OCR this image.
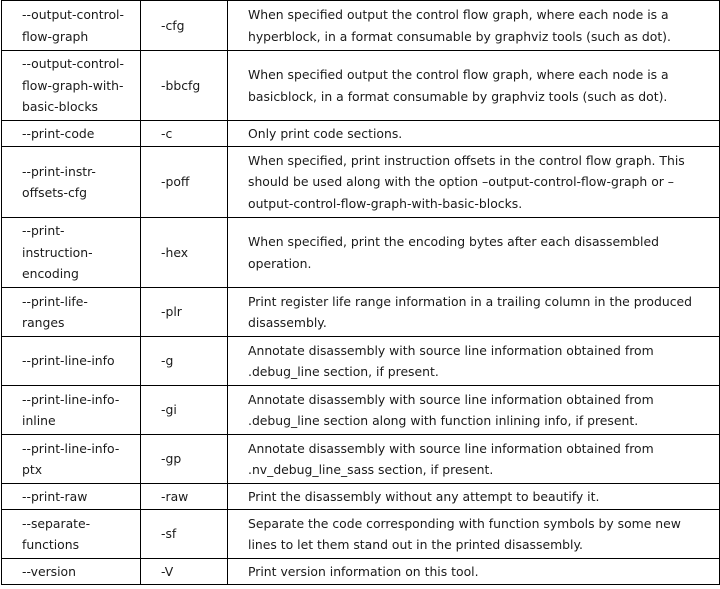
--output-control-flow-graph	-cfg	When specified output the control flow graph, where each node is a hyperblock, in a format consumable by graphviz tools (such as dot).
--output-control-flow-graph-with-basic-blocks	-bbcfg	When specified output the control flow graph, where each node is a basicblock, in a format consumable by graphviz tools (such as dot).
--print-code	-c	Only print code sections.
--print-instr-offsets-cfg	-poff	When specified, print instruction offsets in the control flow graph. This should be used along with the option –output-control-flow-graph or –output-control-flow-graph-with-basic-blocks.
--print-instruction-encoding	-hex	When specified, print the encoding bytes after each disassembled operation.
--print-life-ranges	-plr	Print register life range information in a trailing column in the produced disassembly.
--print-line-info	-g	Annotate disassembly with source line information obtained from .debug_line section, if present.
--print-line-info-inline	-gi	Annotate disassembly with source line information obtained from .debug_line section along with function inlining info, if present.
--print-line-info-ptx	-gp	Annotate disassembly with source line information obtained from .nv_debug_line_sass section, if present.
--print-raw	-raw	Print the disassembly without any attempt to beautify it.
--separate-functions	-sf	Separate the code corresponding with function symbols by some new lines to let them stand out in the printed disassembly.
--version	-V	Print version information on this tool.
